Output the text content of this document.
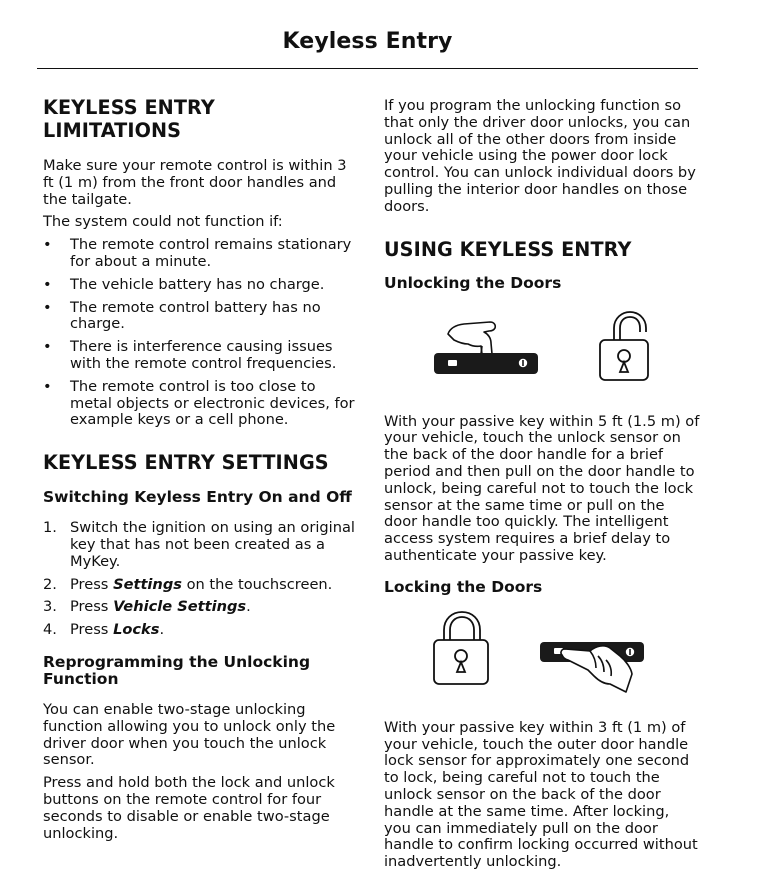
Keyless Entry
KEYLESS ENTRY LIMITATIONS

Make sure your remote control is within 3 ft (1 m) from the front door handles and the tailgate.

The system could not function if:

• The remote control remains stationary for about a minute.
• The vehicle battery has no charge.
• The remote control battery has no charge.
• There is interference causing issues with the remote control frequencies.
• The remote control is too close to metal objects or electronic devices, for example keys or a cell phone.
KEYLESS ENTRY SETTINGS
Switching Keyless Entry On and Off
1. Switch the ignition on using an original key that has not been created as a MyKey.
2. Press Settings on the touchscreen.
3. Press Vehicle Settings.
4. Press Locks.
Reprogramming the Unlocking Function

You can enable two-stage unlocking function allowing you to unlock only the driver door when you touch the unlock sensor.

Press and hold both the lock and unlock buttons on the remote control for four seconds to disable or enable two-stage unlocking.

If you program the unlocking function so that only the driver door unlocks, you can unlock all of the other doors from inside your vehicle using the power door lock control. You can unlock individual doors by pulling the interior door handles on those doors.

USING KEYLESS ENTRY
Unlocking the Doors

With your passive key within 5 ft (1.5 m) of your vehicle, touch the unlock sensor on the back of the door handle for a brief period and then pull on the door handle to unlock, being careful not to touch the lock sensor at the same time or pull on the door handle too quickly. The intelligent access system requires a brief delay to authenticate your passive key.

Locking the Doors

With your passive key within 3 ft (1 m) of your vehicle, touch the outer door handle lock sensor for approximately one second to lock, being careful not to touch the unlock sensor on the back of the door handle at the same time. After locking, you can immediately pull on the door handle to confirm locking occurred without inadvertently unlocking.
